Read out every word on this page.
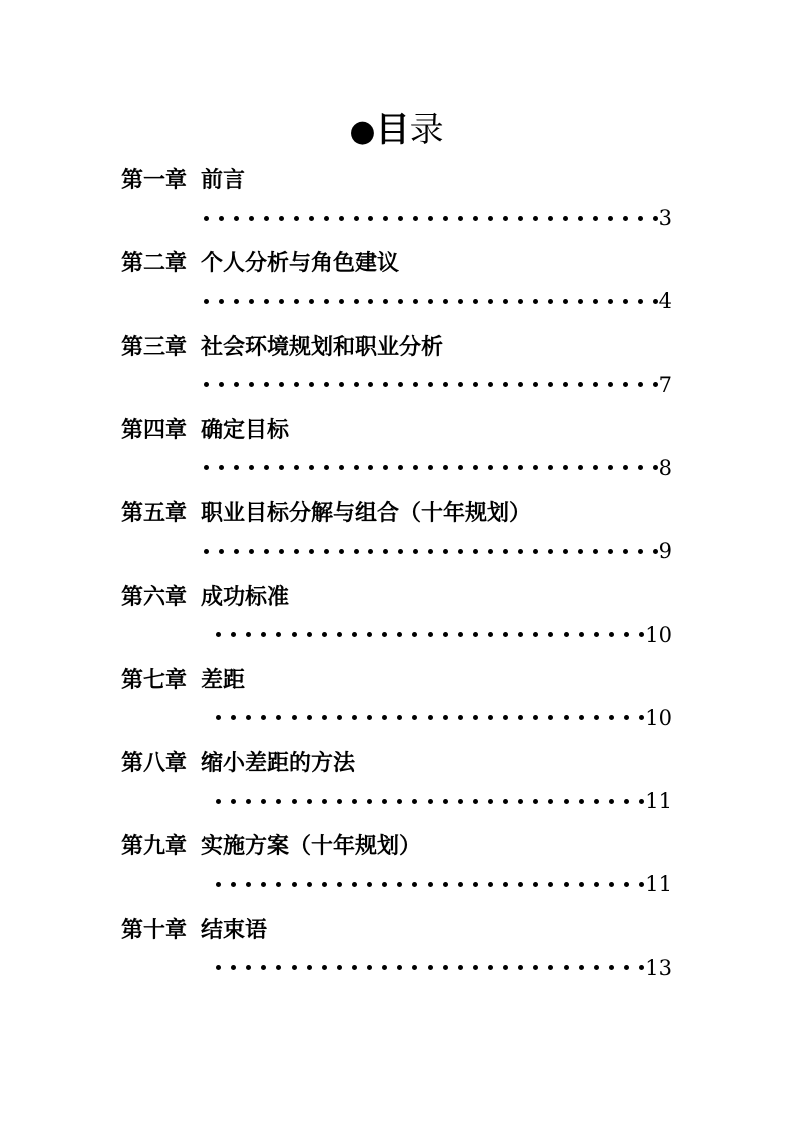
●目录
第一章 前言
3
第二章 个人分析与角色建议
4
第三章 社会环境规划和职业分析
7
第四章 确定目标
8
第五章 职业目标分解与组合（十年规划）
9
第六章 成功标准
10
第七章 差距
10
第八章 缩小差距的方法
11
第九章 实施方案（十年规划）
11
第十章 结束语
13
